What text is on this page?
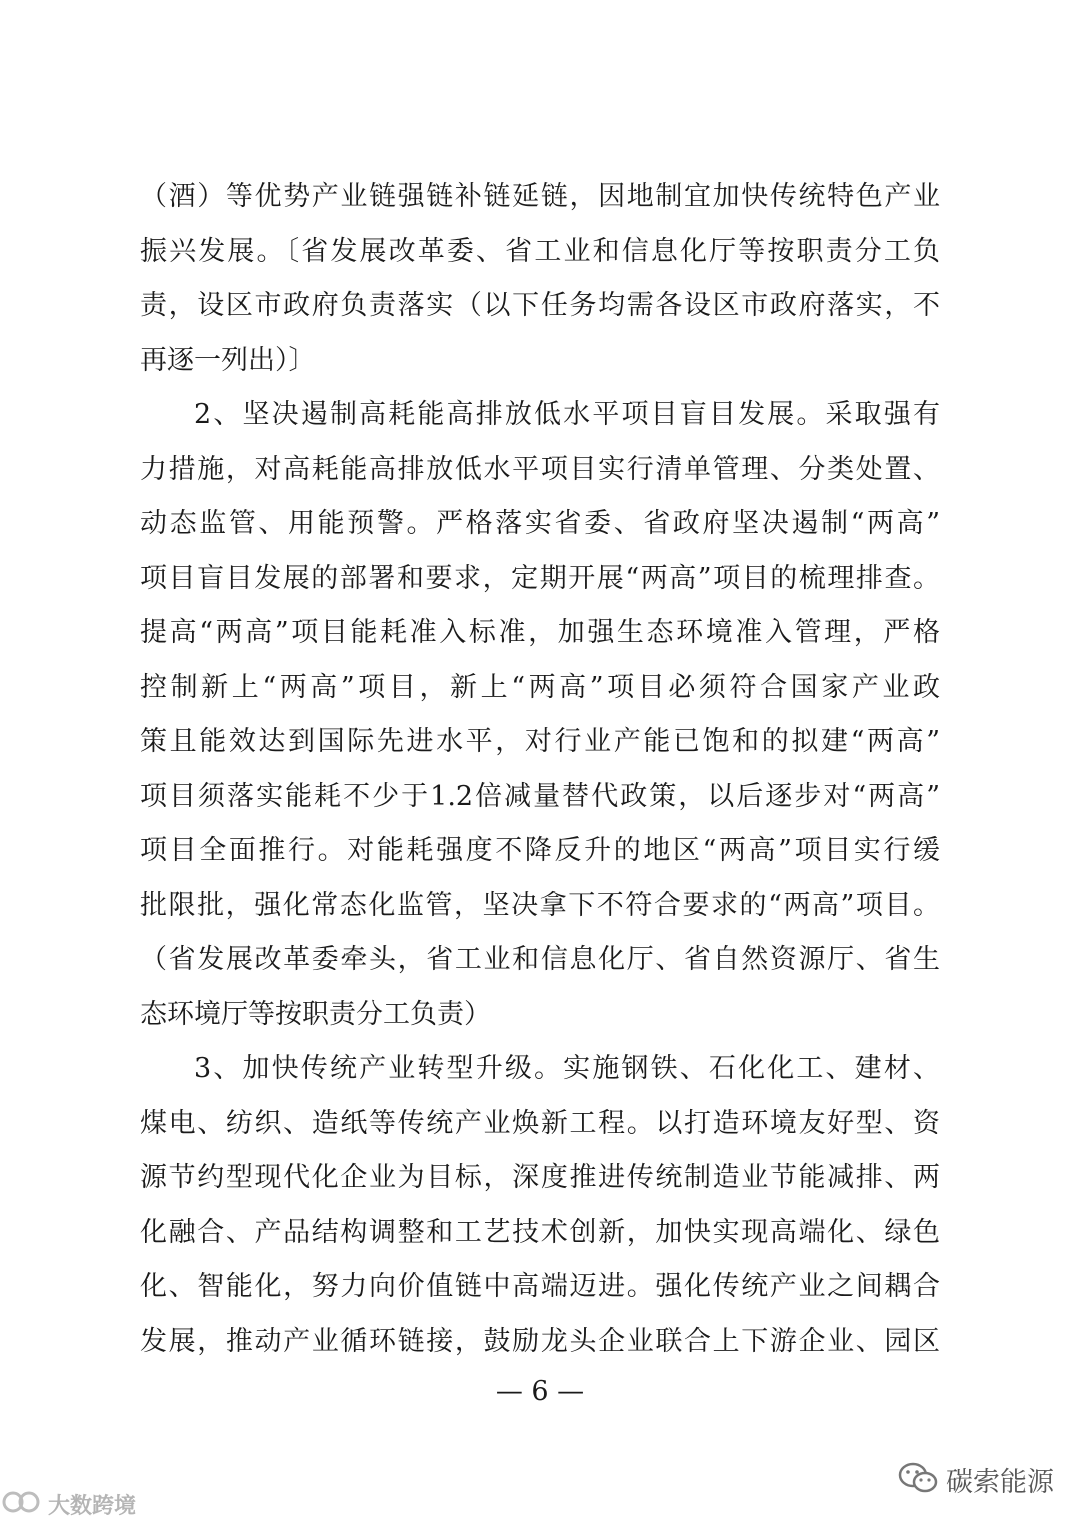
（酒）等优势产业链强链补链延链，因地制宜加快传统特色产业
振兴发展。〔省发展改革委、省工业和信息化厅等按职责分工负
责，设区市政府负责落实（以下任务均需各设区市政府落实，不
再逐一列出）〕
2、坚决遏制高耗能高排放低水平项目盲目发展。采取强有
力措施，对高耗能高排放低水平项目实行清单管理、分类处置、
动态监管、用能预警。严格落实省委、省政府坚决遏制“两高”
项目盲目发展的部署和要求，定期开展“两高”项目的梳理排查。
提高“两高”项目能耗准入标准，加强生态环境准入管理，严格
控制新上“两高”项目，新上“两高”项目必须符合国家产业政
策且能效达到国际先进水平，对行业产能已饱和的拟建“两高”
项目须落实能耗不少于1.2倍减量替代政策，以后逐步对“两高”
项目全面推行。对能耗强度不降反升的地区“两高”项目实行缓
批限批，强化常态化监管，坚决拿下不符合要求的“两高”项目。
（省发展改革委牵头，省工业和信息化厅、省自然资源厅、省生
态环境厅等按职责分工负责）
3、加快传统产业转型升级。实施钢铁、石化化工、建材、
煤电、纺织、造纸等传统产业焕新工程。以打造环境友好型、资
源节约型现代化企业为目标，深度推进传统制造业节能减排、两
化融合、产品结构调整和工艺技术创新，加快实现高端化、绿色
化、智能化，努力向价值链中高端迈进。强化传统产业之间耦合
发展，推动产业循环链接，鼓励龙头企业联合上下游企业、园区
— 6 —
大数跨境
碳索能源
